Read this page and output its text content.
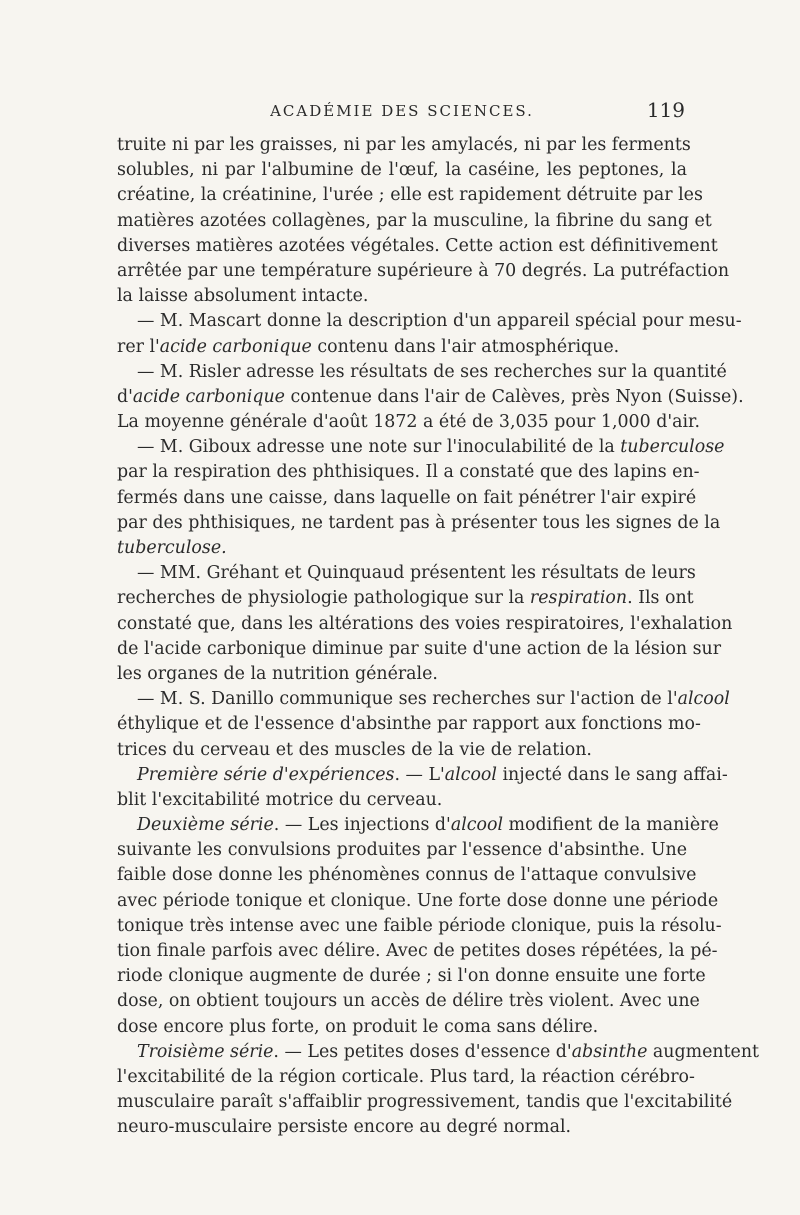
ACADÉMIE DES SCIENCES.	119
truite ni par les graisses, ni par les amylacés, ni par les ferments
solubles, ni par l'albumine de l'œuf, la caséine, les peptones, la
créatine, la créatinine, l'urée ; elle est rapidement détruite par les
matières azotées collagènes, par la musculine, la fibrine du sang et
diverses matières azotées végétales. Cette action est définitivement
arrêtée par une température supérieure à 70 degrés. La putréfaction
la laisse absolument intacte.
— M. Mascart donne la description d'un appareil spécial pour mesu-
rer l'acide carbonique contenu dans l'air atmosphérique.
— M. Risler adresse les résultats de ses recherches sur la quantité
d'acide carbonique contenue dans l'air de Calèves, près Nyon (Suisse).
La moyenne générale d'août 1872 a été de 3,035 pour 1,000 d'air.
— M. Giboux adresse une note sur l'inoculabilité de la tuberculose
par la respiration des phthisiques. Il a constaté que des lapins en-
fermés dans une caisse, dans laquelle on fait pénétrer l'air expiré
par des phthisiques, ne tardent pas à présenter tous les signes de la
tuberculose.
— MM. Gréhant et Quinquaud présentent les résultats de leurs
recherches de physiologie pathologique sur la respiration. Ils ont
constaté que, dans les altérations des voies respiratoires, l'exhalation
de l'acide carbonique diminue par suite d'une action de la lésion sur
les organes de la nutrition générale.
— M. S. Danillo communique ses recherches sur l'action de l'alcool
éthylique et de l'essence d'absinthe par rapport aux fonctions mo-
trices du cerveau et des muscles de la vie de relation.
Première série d'expériences. — L'alcool injecté dans le sang affai-
blit l'excitabilité motrice du cerveau.
Deuxième série. — Les injections d'alcool modifient de la manière
suivante les convulsions produites par l'essence d'absinthe. Une
faible dose donne les phénomènes connus de l'attaque convulsive
avec période tonique et clonique. Une forte dose donne une période
tonique très intense avec une faible période clonique, puis la résolu-
tion finale parfois avec délire. Avec de petites doses répétées, la pé-
riode clonique augmente de durée ; si l'on donne ensuite une forte
dose, on obtient toujours un accès de délire très violent. Avec une
dose encore plus forte, on produit le coma sans délire.
Troisième série. — Les petites doses d'essence d'absinthe augmentent
l'excitabilité de la région corticale. Plus tard, la réaction cérébro-
musculaire paraît s'affaiblir progressivement, tandis que l'excitabilité
neuro-musculaire persiste encore au degré normal.
